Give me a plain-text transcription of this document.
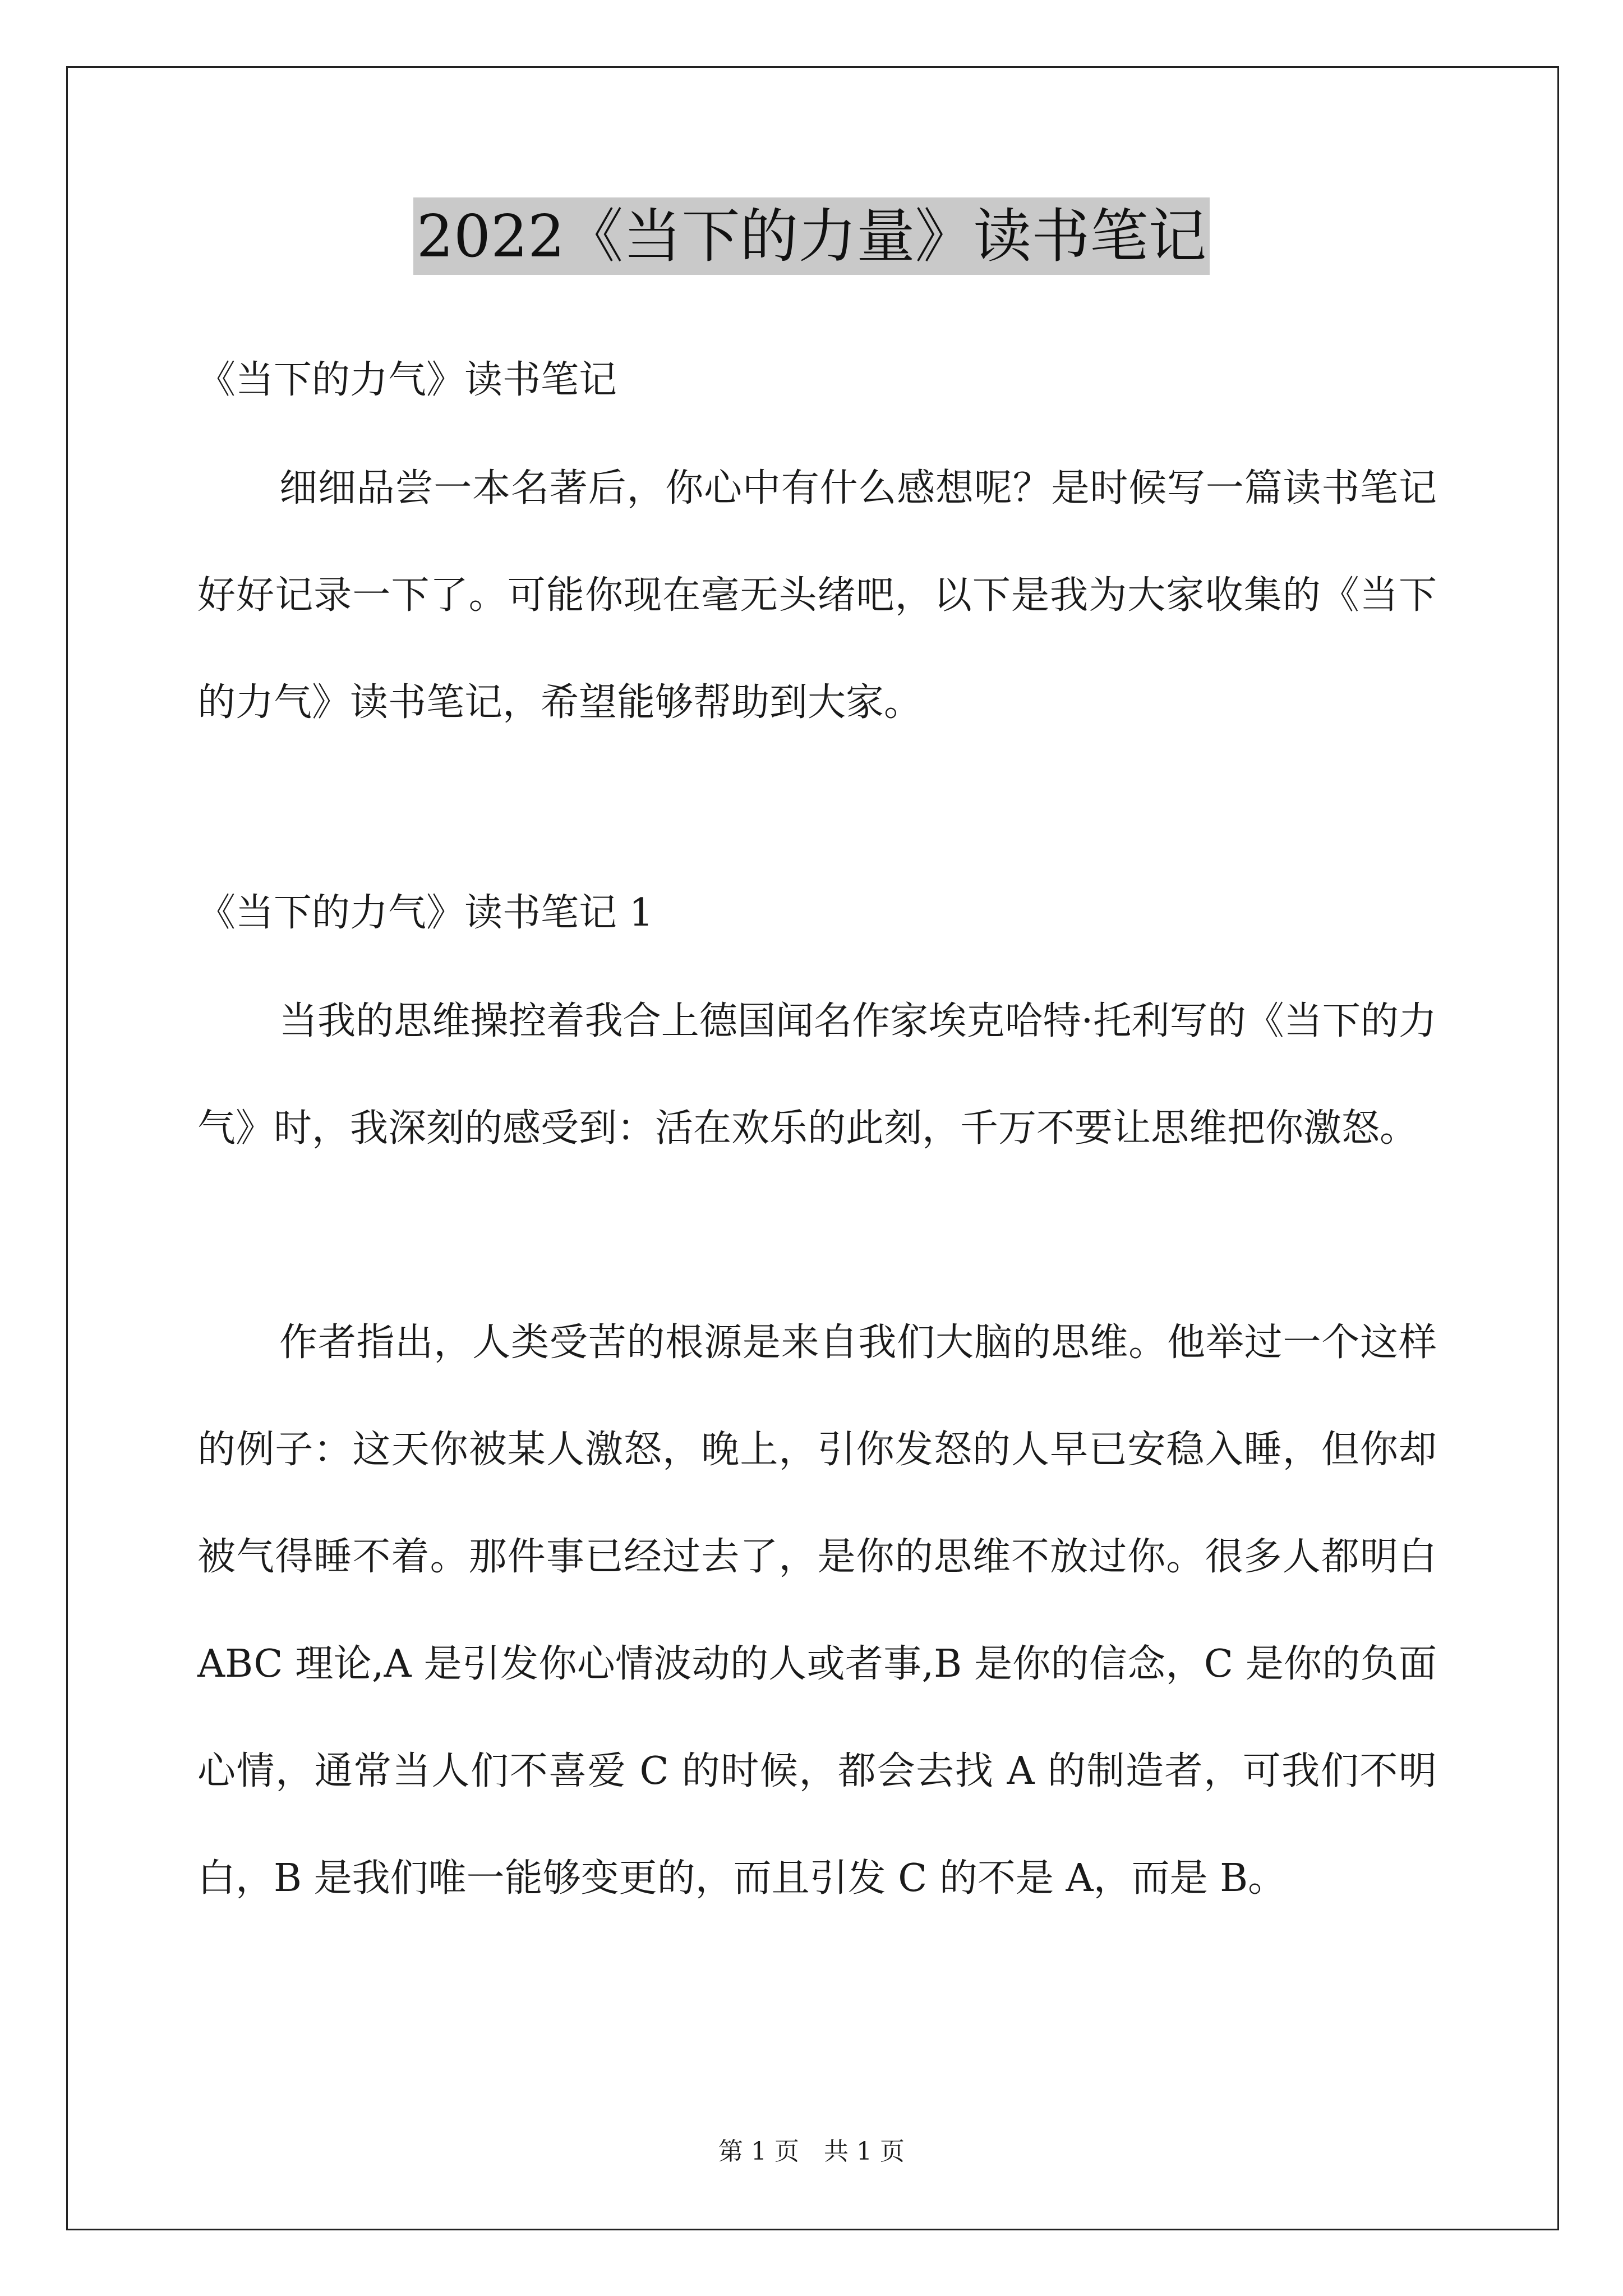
2022《当下的力量》读书笔记
《当下的力气》读书笔记

细细品尝一本名著后，你心中有什么感想呢？是时候写一篇读书笔记好好记录一下了。可能你现在毫无头绪吧，以下是我为大家收集的《当下的力气》读书笔记，希望能够帮助到大家。

《当下的力气》读书笔记 1

当我的思维操控着我合上德国闻名作家埃克哈特·托利写的《当下的力气》时，我深刻的感受到：活在欢乐的此刻，千万不要让思维把你激怒。

作者指出，人类受苦的根源是来自我们大脑的思维。他举过一个这样的例子：这天你被某人激怒，晚上，引你发怒的人早已安稳入睡，但你却被气得睡不着。那件事已经过去了，是你的思维不放过你。很多人都明白 ABC 理论,A 是引发你心情波动的人或者事,B 是你的信念，C 是你的负面心情，通常当人们不喜爱 C 的时候，都会去找 A 的制造者，可我们不明白，B 是我们唯一能够变更的，而且引发 C 的不是 A，而是 B。

第 1 页　共 1 页
